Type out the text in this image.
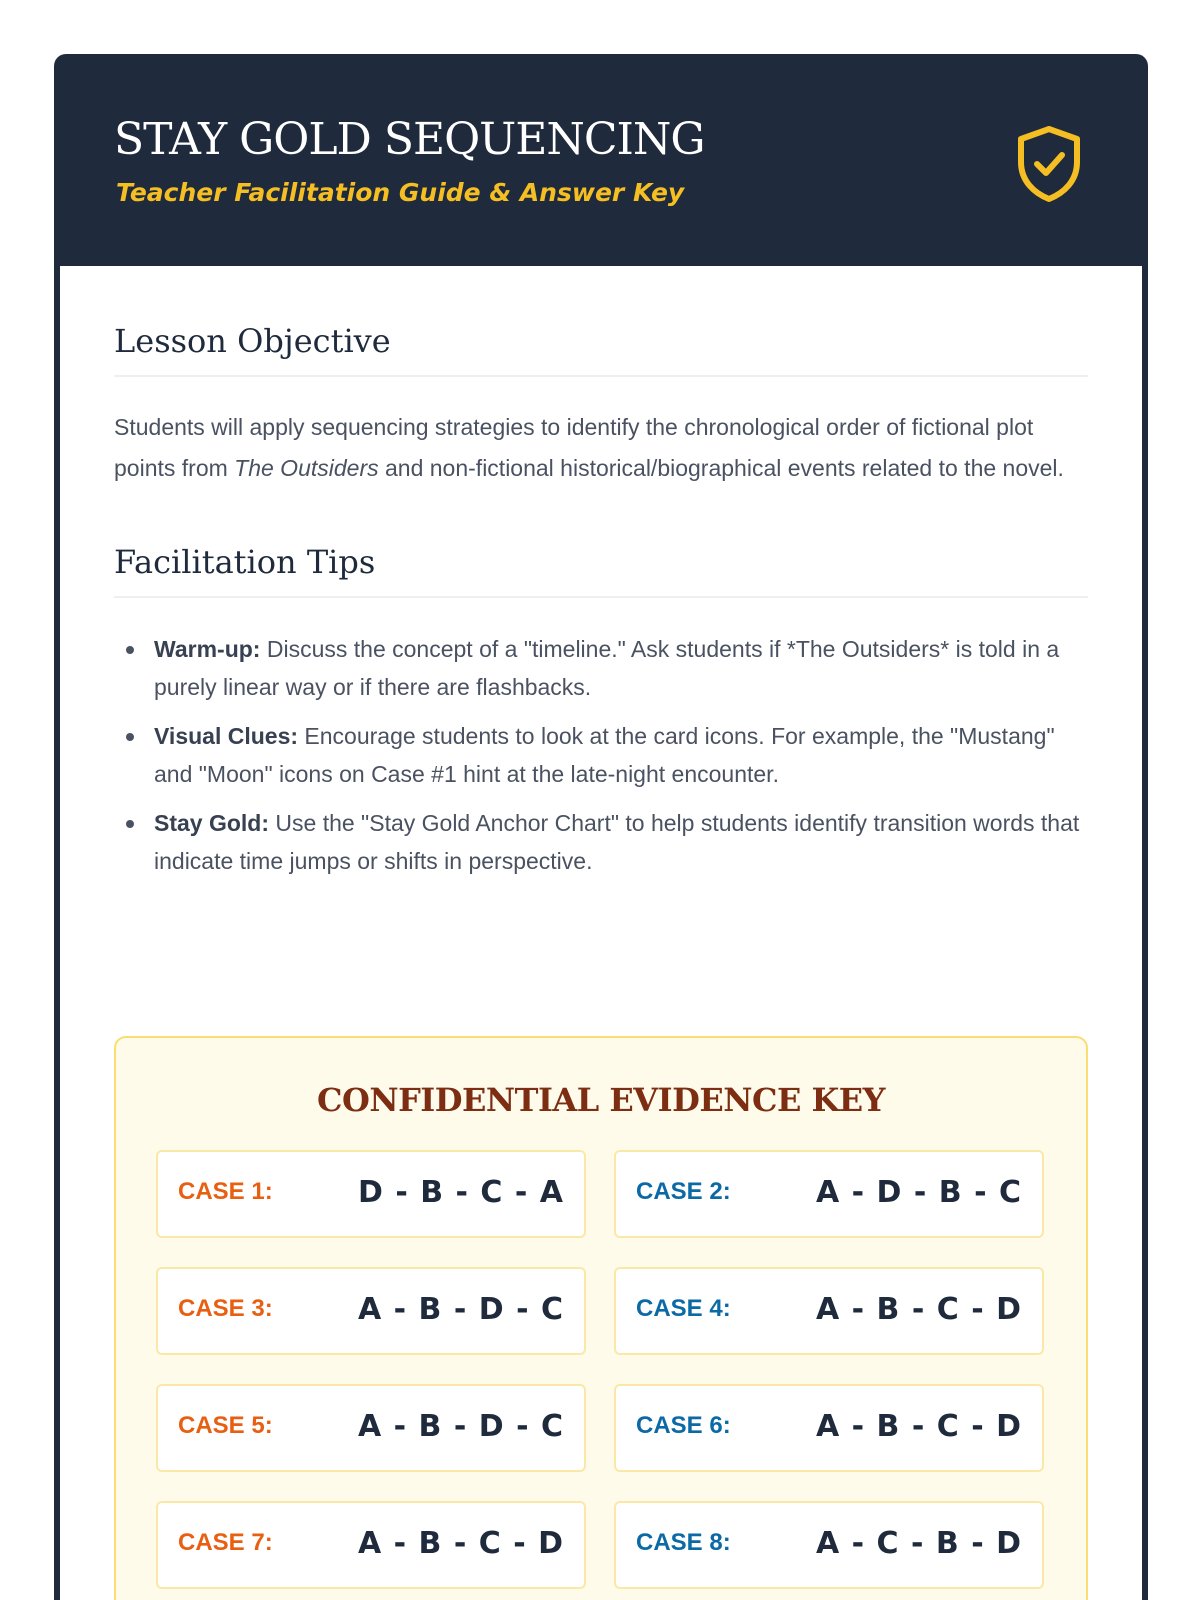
STAY GOLD SEQUENCING

Teacher Facilitation Guide & Answer Key

Lesson Objective

Students will apply sequencing strategies to identify the chronological order of fictional plot points from The Outsiders and non-fictional historical/biographical events related to the novel.

Facilitation Tips
Warm-up: Discuss the concept of a "timeline." Ask students if *The Outsiders* is told in a purely linear way or if there are flashbacks.
Visual Clues: Encourage students to look at the card icons. For example, the "Mustang" and "Moon" icons on Case #1 hint at the late-night encounter.
Stay Gold: Use the "Stay Gold Anchor Chart" to help students identify transition words that indicate time jumps or shifts in perspective.
CONFIDENTIAL EVIDENCE KEY
CASE 1:	D - B - C - A	CASE 2:	A - D - B - C
CASE 3:	A - B - D - C	CASE 4:	A - B - C - D
CASE 5:	A - B - D - C	CASE 6:	A - B - C - D
CASE 7:	A - B - C - D	CASE 8:	A - C - B - D
